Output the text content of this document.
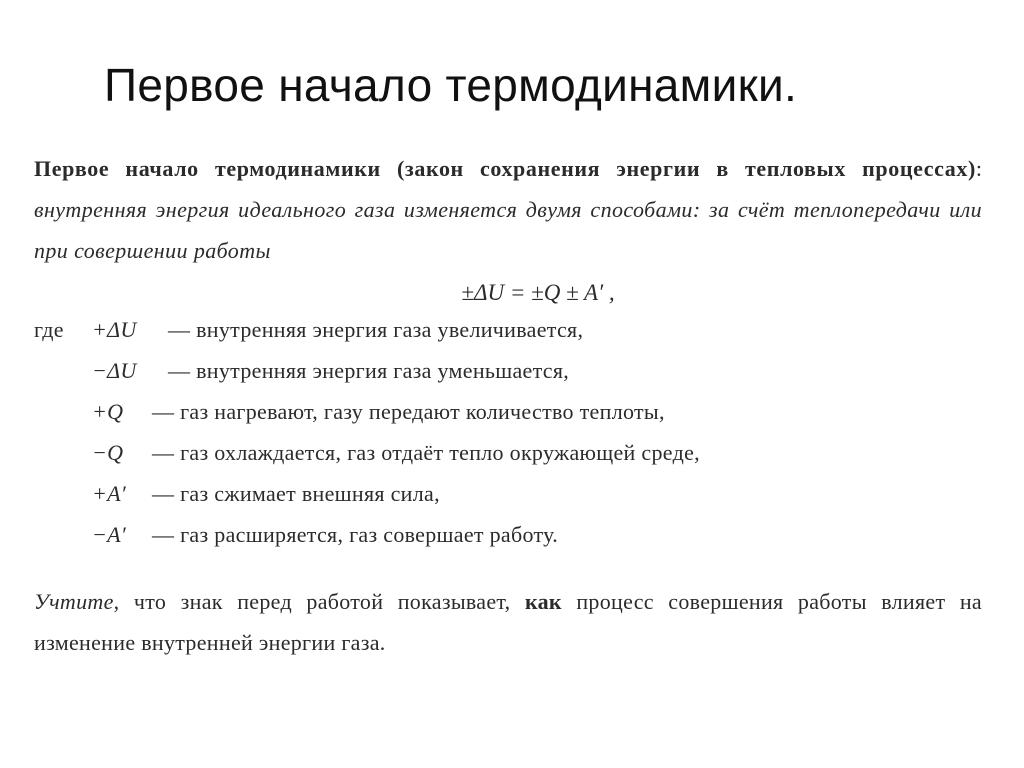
Первое начало термодинамики.
Первое начало термодинамики (закон сохранения энергии в тепловых процессах): внутренняя энергия идеального газа изменяется двумя способами: за счёт теплопередачи или при совершении работы
±ΔU = ±Q ± A′ ,
где	+ΔU	— внутренняя энергия газа увеличивается,
−ΔU	— внутренняя энергия газа уменьшается,
+Q	— газ нагревают, газу передают количество теплоты,
−Q	— газ охлаждается, газ отдаёт тепло окружающей среде,
+A′	— газ сжимает внешняя сила,
−A′	— газ расширяется, газ совершает работу.
Учтите, что знак перед работой показывает, как процесс совершения работы влияет на изменение внутренней энергии газа.
